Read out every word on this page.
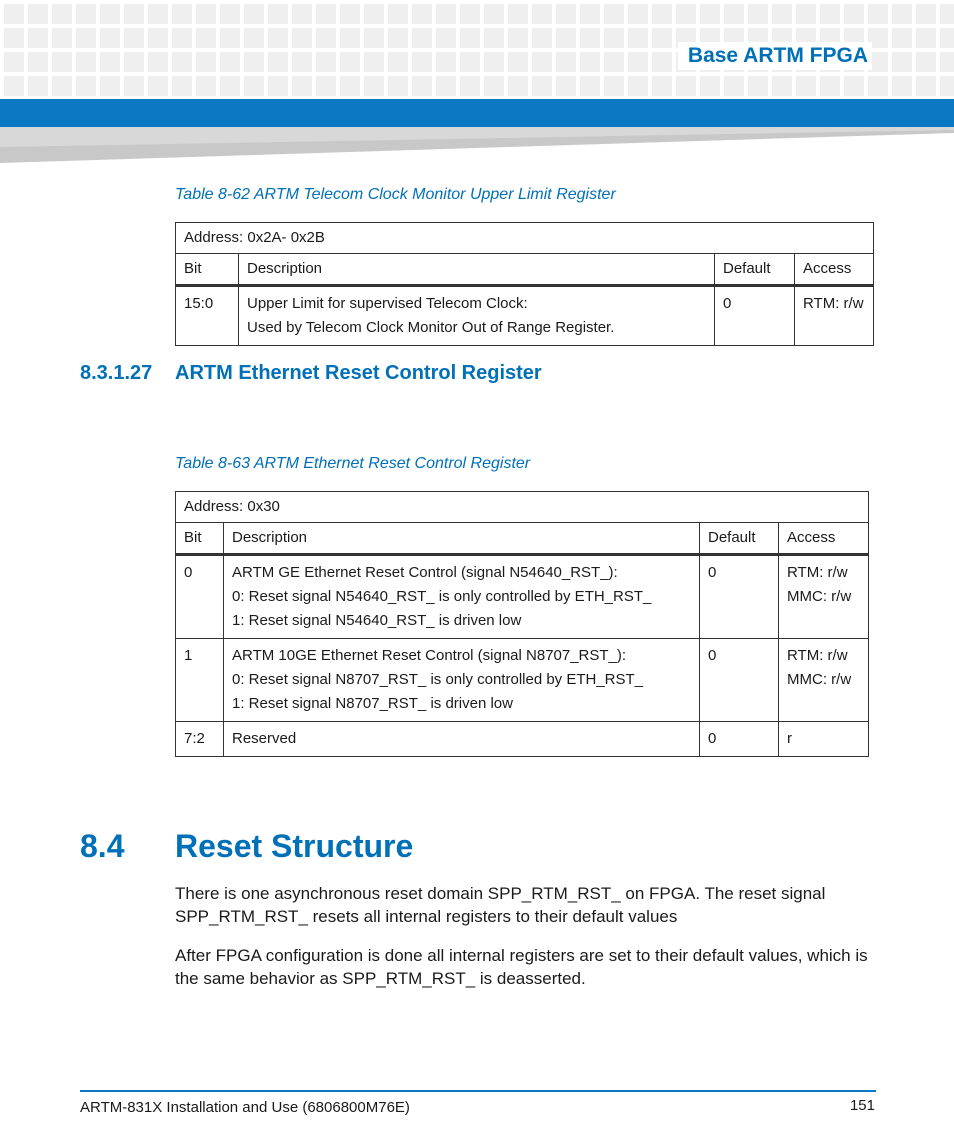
Base ARTM FPGA
Table 8-62 ARTM Telecom Clock Monitor Upper Limit Register
Address: 0x2A- 0x2B			
Bit	Description	Default	Access
15:0	Upper Limit for supervised Telecom Clock:
Used by Telecom Clock Monitor Out of Range Register.	0	RTM: r/w
8.3.1.27 ARTM Ethernet Reset Control Register
Table 8-63 ARTM Ethernet Reset Control Register
Address: 0x30			
Bit	Description	Default	Access
0	ARTM GE Ethernet Reset Control (signal N54640_RST_):
0: Reset signal N54640_RST_ is only controlled by ETH_RST_
1: Reset signal N54640_RST_ is driven low	0	RTM: r/w
MMC: r/w

1	ARTM 10GE Ethernet Reset Control (signal N8707_RST_):
0: Reset signal N8707_RST_ is only controlled by ETH_RST_
1: Reset signal N8707_RST_ is driven low	0	RTM: r/w
MMC: r/w

7:2	Reserved	0	r
8.4 Reset Structure

There is one asynchronous reset domain SPP_RTM_RST_ on FPGA. The reset signal SPP_RTM_RST_ resets all internal registers to their default values

After FPGA configuration is done all internal registers are set to their default values, which is the same behavior as SPP_RTM_RST_ is deasserted.

ARTM-831X Installation and Use (6806800M76E)	151
